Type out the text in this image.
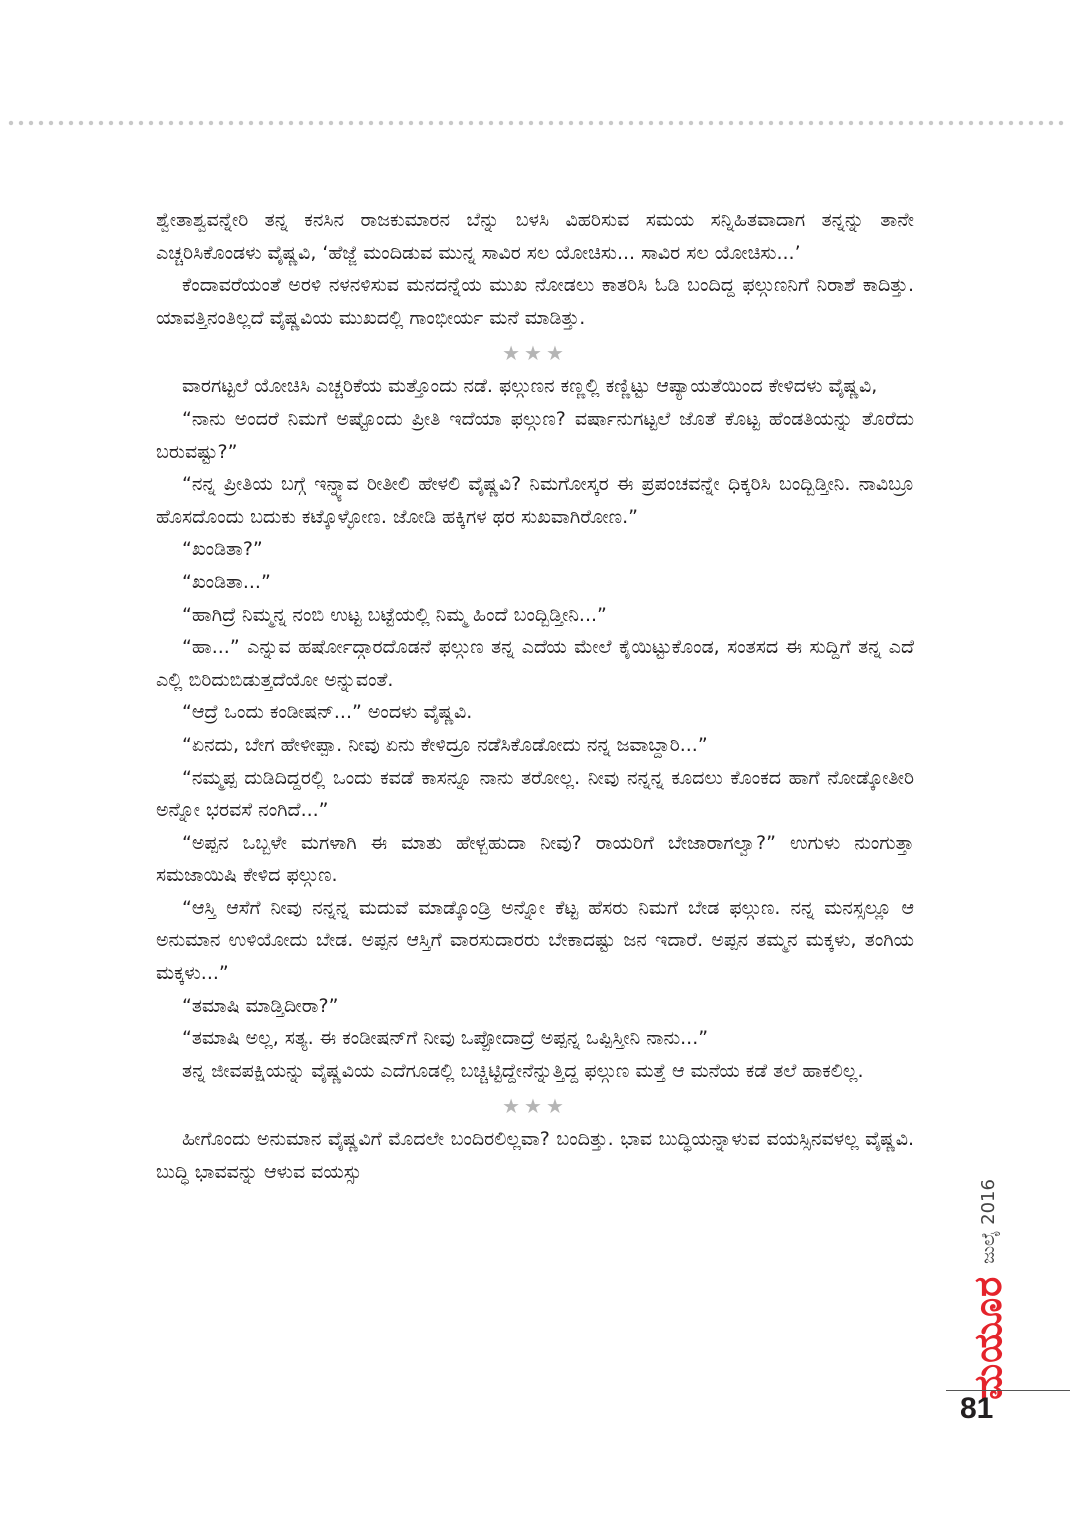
ಶ್ವೇತಾಶ್ವವನ್ನೇರಿ ತನ್ನ ಕನಸಿನ ರಾಜಕುಮಾರನ ಬೆನ್ನು ಬಳಸಿ ವಿಹರಿಸುವ ಸಮಯ ಸನ್ನಿಹಿತವಾದಾಗ ತನ್ನನ್ನು ತಾನೇ ಎಚ್ಚರಿಸಿಕೊಂಡಳು ವೈಷ್ಣವಿ, ‘ಹೆಜ್ಜೆ ಮಂದಿಡುವ ಮುನ್ನ ಸಾವಿರ ಸಲ ಯೋಚಿಸು... ಸಾವಿರ ಸಲ ಯೋಚಿಸು...’

ಕೆಂದಾವರೆಯಂತೆ ಅರಳಿ ನಳನಳಿಸುವ ಮನದನ್ನೆಯ ಮುಖ ನೋಡಲು ಕಾತರಿಸಿ ಓಡಿ ಬಂದಿದ್ದ ಫಲ್ಗುಣನಿಗೆ ನಿರಾಶೆ ಕಾದಿತ್ತು. ಯಾವತ್ತಿನಂತಿಲ್ಲದೆ ವೈಷ್ಣವಿಯ ಮುಖದಲ್ಲಿ ಗಾಂಭೀರ್ಯ ಮನೆ ಮಾಡಿತ್ತು.

★★★

ವಾರಗಟ್ಟಲೆ ಯೋಚಿಸಿ ಎಚ್ಚರಿಕೆಯ ಮತ್ತೊಂದು ನಡೆ. ಫಲ್ಗುಣನ ಕಣ್ಣಲ್ಲಿ ಕಣ್ಣಿಟ್ಟು ಆಪ್ಯಾಯತೆಯಿಂದ ಕೇಳಿದಳು ವೈಷ್ಣವಿ,

“ನಾನು ಅಂದರೆ ನಿಮಗೆ ಅಷ್ಟೊಂದು ಪ್ರೀತಿ ಇದೆಯಾ ಫಲ್ಗುಣ? ವರ್ಷಾನುಗಟ್ಟಲೆ ಜೊತೆ ಕೊಟ್ಟ ಹೆಂಡತಿಯನ್ನು ತೊರೆದು ಬರುವಷ್ಟು?”

“ನನ್ನ ಪ್ರೀತಿಯ ಬಗ್ಗೆ ಇನ್ನ್ಯಾವ ರೀತೀಲಿ ಹೇಳಲಿ ವೈಷ್ಣವಿ? ನಿಮಗೋಸ್ಕರ ಈ ಪ್ರಪಂಚವನ್ನೇ ಧಿಕ್ಕರಿಸಿ ಬಂದ್ಬಿಡ್ತೀನಿ. ನಾವಿಬ್ರೂ ಹೊಸದೊಂದು ಬದುಕು ಕಟ್ಕೊಳ್ಳೋಣ. ಜೋಡಿ ಹಕ್ಕಿಗಳ ಥರ ಸುಖವಾಗಿರೋಣ.”

“ಖಂಡಿತಾ?”

“ಖಂಡಿತಾ...”

“ಹಾಗಿದ್ರೆ ನಿಮ್ಮನ್ನ ನಂಬಿ ಉಟ್ಟ ಬಟ್ಟೆಯಲ್ಲಿ ನಿಮ್ಮ ಹಿಂದೆ ಬಂದ್ಬಿಡ್ತೀನಿ...”

“ಹಾ...” ಎನ್ನುವ ಹರ್ಷೋದ್ಗಾರದೊಡನೆ ಫಲ್ಗುಣ ತನ್ನ ಎದೆಯ ಮೇಲೆ ಕೈಯಿಟ್ಟುಕೊಂಡ, ಸಂತಸದ ಈ ಸುದ್ದಿಗೆ ತನ್ನ ಎದೆ ಎಲ್ಲಿ ಬಿರಿದುಬಿಡುತ್ತದೆಯೋ ಅನ್ನುವಂತೆ.

“ಆದ್ರೆ ಒಂದು ಕಂಡೀಷನ್...” ಅಂದಳು ವೈಷ್ಣವಿ.

“ಏನದು, ಬೇಗ ಹೇಳೀಪ್ಪಾ. ನೀವು ಏನು ಕೇಳಿದ್ರೂ ನಡೆಸಿಕೊಡೋದು ನನ್ನ ಜವಾಬ್ದಾರಿ...”

“ನಮ್ಮಪ್ಪ ದುಡಿದಿದ್ದರಲ್ಲಿ ಒಂದು ಕವಡೆ ಕಾಸನ್ನೂ ನಾನು ತರೋಲ್ಲ. ನೀವು ನನ್ನನ್ನ ಕೂದಲು ಕೊಂಕದ ಹಾಗೆ ನೋಡ್ಕೋತೀರಿ ಅನ್ನೋ ಭರವಸೆ ನಂಗಿದೆ...”

“ಅಪ್ಪನ ಒಬ್ಬಳೇ ಮಗಳಾಗಿ ಈ ಮಾತು ಹೇಳ್ಬಹುದಾ ನೀವು? ರಾಯರಿಗೆ ಬೇಜಾರಾಗಲ್ವಾ?” ಉಗುಳು ನುಂಗುತ್ತಾ ಸಮಜಾಯಿಷಿ ಕೇಳಿದ ಫಲ್ಗುಣ.

“ಆಸ್ತಿ ಆಸೆಗೆ ನೀವು ನನ್ನನ್ನ ಮದುವೆ ಮಾಡ್ಕೊಂಡ್ರಿ ಅನ್ನೋ ಕೆಟ್ಟ ಹೆಸರು ನಿಮಗೆ ಬೇಡ ಫಲ್ಗುಣ. ನನ್ನ ಮನಸ್ಸಲ್ಲೂ ಆ ಅನುಮಾನ ಉಳಿಯೋದು ಬೇಡ. ಅಪ್ಪನ ಆಸ್ತಿಗೆ ವಾರಸುದಾರರು ಬೇಕಾದಷ್ಟು ಜನ ಇದಾರೆ. ಅಪ್ಪನ ತಮ್ಮನ ಮಕ್ಕಳು, ತಂಗಿಯ ಮಕ್ಕಳು...”

“ತಮಾಷಿ ಮಾಡ್ತಿದೀರಾ?”

“ತಮಾಷಿ ಅಲ್ಲ, ಸತ್ಯ. ಈ ಕಂಡೀಷನ್‌ಗೆ ನೀವು ಒಪ್ಪೋದಾದ್ರೆ ಅಪ್ಪನ್ನ ಒಪ್ಪಿಸ್ತೀನಿ ನಾನು...”

ತನ್ನ ಜೀವಪಕ್ಷಿಯನ್ನು ವೈಷ್ಣವಿಯ ಎದೆಗೂಡಲ್ಲಿ ಬಚ್ಚಿಟ್ಟಿದ್ದೇನೆನ್ನುತ್ತಿದ್ದ ಫಲ್ಗುಣ ಮತ್ತೆ ಆ ಮನೆಯ ಕಡೆ ತಲೆ ಹಾಕಲಿಲ್ಲ.

★★★

ಹೀಗೊಂದು ಅನುಮಾನ ವೈಷ್ಣವಿಗೆ ಮೊದಲೇ ಬಂದಿರಲಿಲ್ಲವಾ? ಬಂದಿತ್ತು. ಭಾವ ಬುದ್ಧಿಯನ್ನಾಳುವ ವಯಸ್ಸಿನವಳಲ್ಲ ವೈಷ್ಣವಿ. ಬುದ್ಧಿ ಭಾವವನ್ನು ಆಳುವ ವಯಸ್ಸು

ಮಯೂರ
ಜುಲೈ 2016
81
